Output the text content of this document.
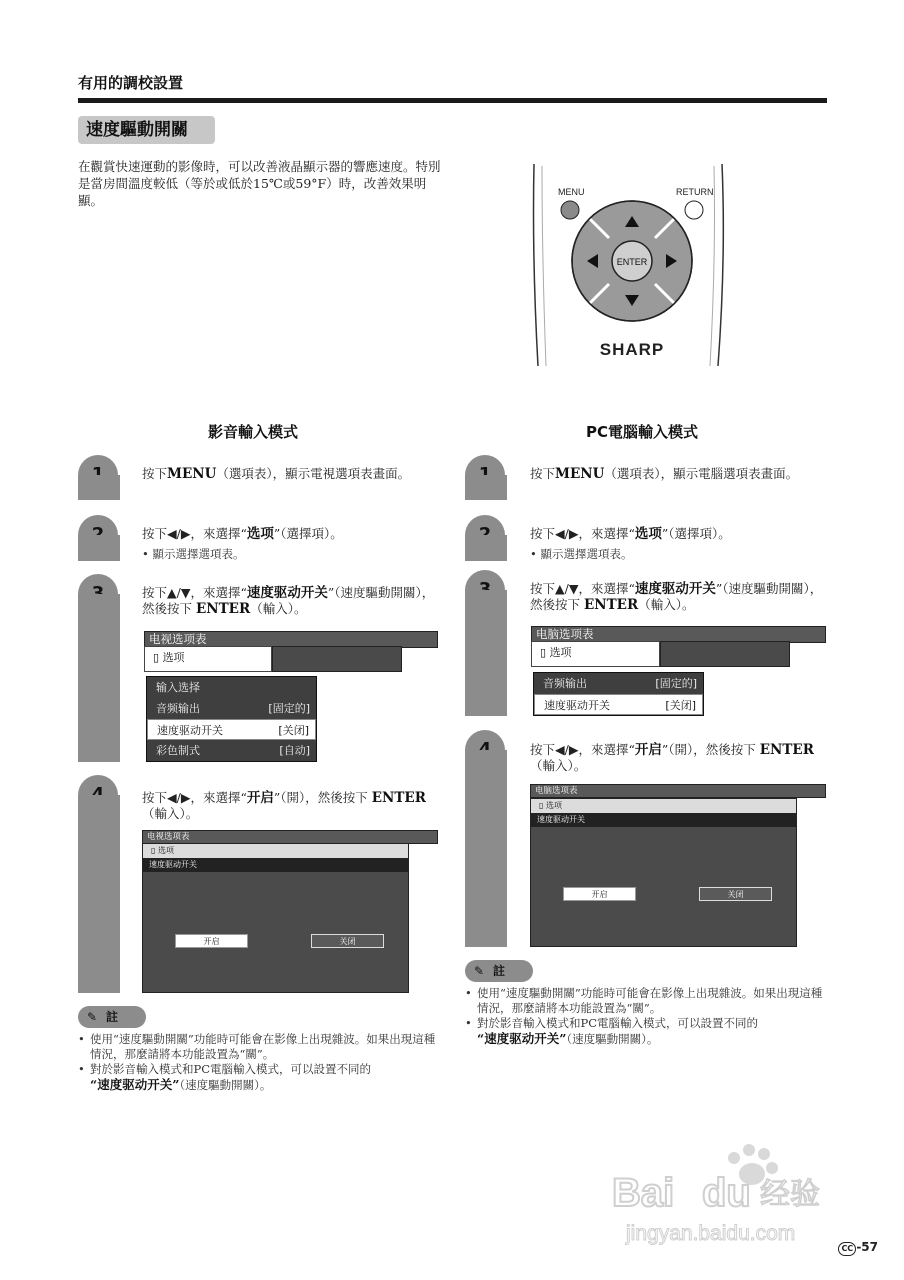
有用的調校設置
速度驅動開關
在觀賞快速運動的影像時，可以改善液晶顯示器的響應速度。特別是當房間溫度較低（等於或低於15℃或59°F）時，改善效果明顯。
MENU	RETURN
ENTER
SHARP
影音輸入模式	PC電腦輸入模式
按下MENU（選項表），顯示電視選項表畫面。
按下◀/▶，來選擇“选项”（選擇項）。
• 顯示選擇選項表。
按下▲/▼，來選擇“速度驱动开关”（速度驅動開關），然後按下 ENTER（輸入）。
电视选项表
▯ 选项
输入选择
音频输出	[固定的]
速度驱动开关	[关闭]
彩色制式	[自动]
按下◀/▶，來選擇“开启”（開），然後按下 ENTER（輸入）。
电视选项表
▯ 选项
速度驱动开关
开启	关闭
✎ 註
• 使用“速度驅動開關”功能時可能會在影像上出現雜波。如果出現這種情況，那麼請將本功能設置為“關”。
• 對於影音輸入模式和PC電腦輸入模式，可以設置不同的
“速度驱动开关”（速度驅動開關）。
按下MENU（選項表），顯示電腦選項表畫面。
按下◀/▶，來選擇“选项”（選擇項）。
• 顯示選擇選項表。
按下▲/▼，來選擇“速度驱动开关”（速度驅動開關），然後按下 ENTER（輸入）。
电脑选项表
▯ 选项
音频输出	[固定的]
速度驱动开关	[关闭]
按下◀/▶，來選擇“开启”（開），然後按下 ENTER（輸入）。
电脑选项表
▯ 选项
速度驱动开关
开启	关闭
✎ 註
• 使用“速度驅動開關”功能時可能會在影像上出現雜波。如果出現這種情況，那麼請將本功能設置為“關”。
• 對於影音輸入模式和PC電腦輸入模式，可以設置不同的
“速度驱动开关”（速度驅動開關）。
Bai du 经验
jingyan.baidu.com
CC -57
